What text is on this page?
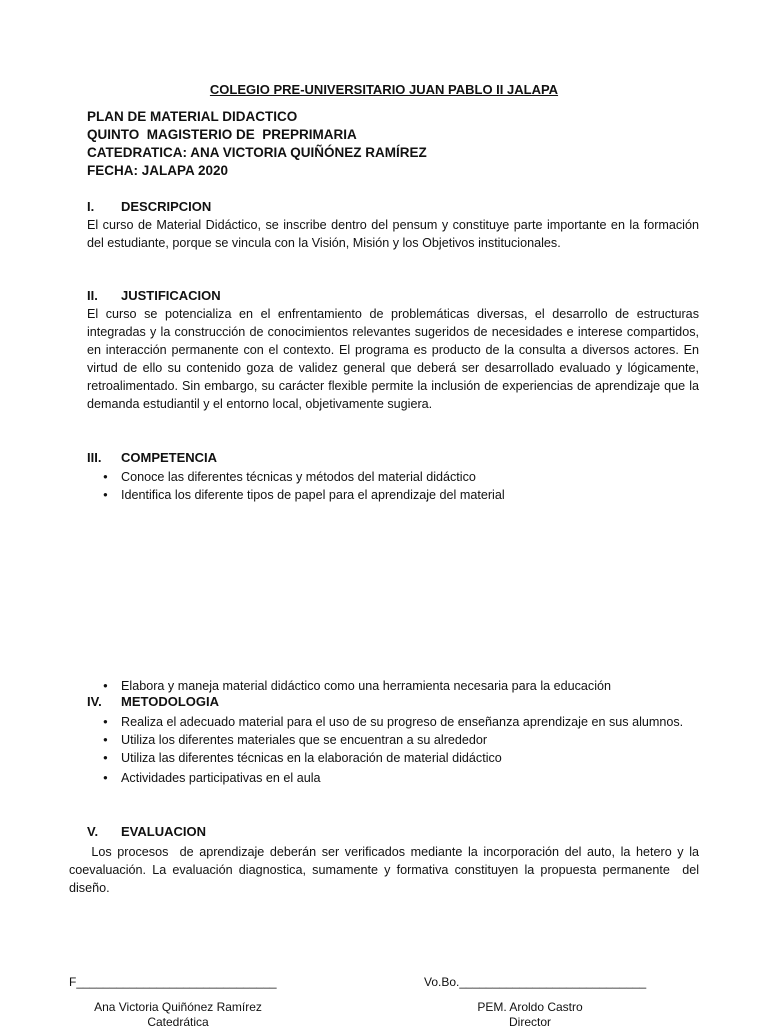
COLEGIO PRE-UNIVERSITARIO JUAN PABLO II JALAPA
PLAN DE MATERIAL DIDACTICO
QUINTO  MAGISTERIO DE  PREPRIMARIA
CATEDRATICA: ANA VICTORIA QUIÑÓNEZ RAMÍREZ
FECHA: JALAPA 2020
I. DESCRIPCION
El curso de Material Didáctico, se inscribe dentro del pensum y constituye parte importante en la formación del estudiante, porque se vincula con la Visión, Misión y los Objetivos institucionales.
II. JUSTIFICACION
El curso se potencializa en el enfrentamiento de problemáticas diversas, el desarrollo de estructuras integradas y la construcción de conocimientos relevantes sugeridos de necesidades e interese compartidos, en interacción permanente con el contexto. El programa es producto de la consulta a diversos actores. En virtud de ello su contenido goza de validez general que deberá ser desarrollado evaluado y lógicamente, retroalimentado. Sin embargo, su carácter flexible permite la inclusión de experiencias de aprendizaje que la demanda estudiantil y el entorno local, objetivamente sugiera.
III. COMPETENCIA
● Conoce las diferentes técnicas y métodos del material didáctico
● Identifica los diferente tipos de papel para el aprendizaje del material
● Elabora y maneja material didáctico como una herramienta necesaria para la educación
IV. METODOLOGIA
● Realiza el adecuado material para el uso de su progreso de enseñanza aprendizaje en sus alumnos.
● Utiliza los diferentes materiales que se encuentran a su alrededor
● Utiliza las diferentes técnicas en la elaboración de material didáctico
● Actividades participativas en el aula
V. EVALUACION
Los procesos  de aprendizaje deberán ser verificados mediante la incorporación del auto, la hetero y la coevaluación. La evaluación diagnostica, sumamente y formativa constituyen la propuesta permanente  del diseño.
F______________________________	Vo.Bo.____________________________
Ana Victoria Quiñónez Ramírez
Catedrática
PEM. Aroldo Castro
Director
